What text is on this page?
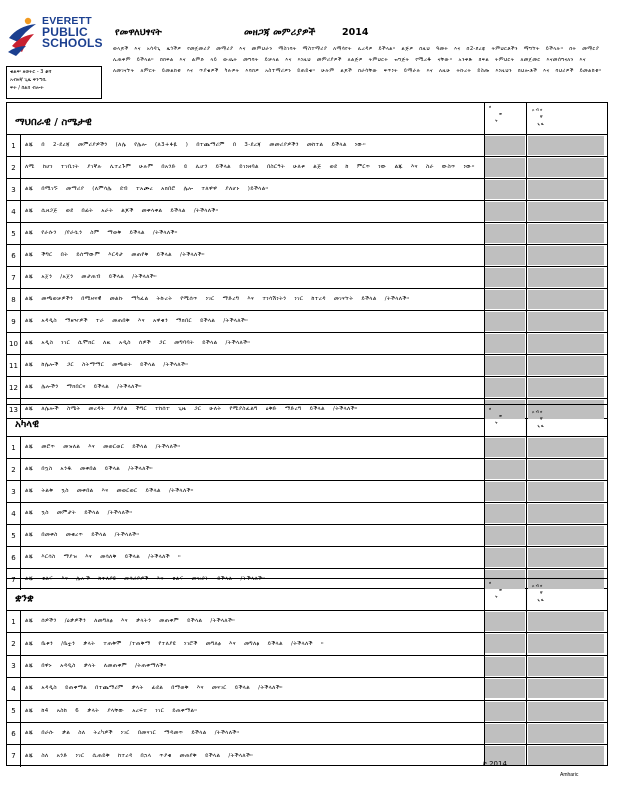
EVERETT
PUBLIC
SCHOOLS
የመዋለህፃናት	መዘጋጃ መምሪያዎች	2014
ወላጆች እና አሳዳጊ ዜጎችዎ የመጀመሪያ መማሪያ እና መምህራን ማስገባት ማስተማሪያ ለማሳየት ሊረዳዎ ይችላል። ልጅዎ በዚህ ዓመት እና በ2-ደረጃ ትምህርቶችን ማግኘት ይችላሉ። በት መማርያ ሊጠቅም ይችላል። በክፍል እና ልምድ ላይ ውጤት መግባት ይቻላል እና እነዚህ መምሪያዎች ለልጅዎ ትምህርት ዝግጅት የሚረዱ ናቸው። አንቀጽ ክፍል ትምህርት ለመጀመር እናመሰግናለን እና ለመገናኘት ለምርት ይመልከቱ እና ጥያቄዎች ካሉዎት እባክዎ አስተማሪዎን ይጠይቁ። ሁሉም ልጆች በራሳቸው ፍጥነት ይማራሉ እና ለዚሁ ትኩረት ይስጡ እነዚህን ክህሎቶች እና ባህሪዎች ይመልከቱ።
ቁልፍ፡ ዘወትር - 3 ቆሻ
አብዛኛ ጊዜ ቅንጣቢ
ፍት / ከልክ ብሎት
ማህበራዊ / ስሜታዊ
ዘ
ወ
ት
አ ብ ዛ
ኛ
ጊ ዜ
1	ልጁ በ 2-ደረጃ መምሪያዎችን (ለሌ የሌሎ (ለ3+ፋዪ ) በተጨማሪም በ 3-ደረጃ መመሪያዎችን መከተል ይችላል ነው።
2	ለሚ ከሆነ ተገቢነት ያገኛሉ ሊተረጉም ሁሉም በአንድ ይ ሊሆን ይችላል ይገነዘባል በስርዓት ሁለቱ ልጅ ወደ ከ ምርጥ ነው ልጁ እና ስራ ውስጥ ነው።
3	ልጁ በሚገኙ መማሪያ (ለምሳሌ ደብ ተአጮረ አክበሮ ሌሎ ተለዋዋ ያለሆኑ )ይችላል።
4	ልጁ ሲዘጋጅ ወደ በፊት አራት ልጆች መቀላቀል ይችላል /ትችላለች።
5	ልጁ የራሱን /የራሷን ስም ማወቅ ይችላል /ትችላለች።
6	ልጁ ችግር በት ይሰማውም እርዳታ መጠየቅ ይችላል /ትችላለች።
7	ልጁ አጀን /አጀን መታጠብ ይችላል /ትችላለች።
8	ልጁ መጫወቻዎችን በሚዛናዊ መልኩ ማካፈል ትኩረት የሚሰጥ ነገር ማድረግ እና ተነሳሽነትን ነገር ከተረዳ መገናኘት ይችላል /ትችላለች።
9	ልጁ አዳዲስ ማዘዣዎች ተራ መጠበቅ እና አዋቂን ማክበር ይችላል /ትችላለች።
10	ልጁ አዲስ ነገር ሲሞክር ለዚ አዲስ ሰዎች ጋር መግባባት ይችላል /ትችላለች።
11	ልጁ ከሌሎች ጋር ስትማማር መጫወት ይችላል /ትችላለች።
12	ልጁ ሌሎችን ማክበርና ይችላል /ትችላለች።
13	ልጁ ለሌሎች ስሜት መረዳት ያሳያል ችግር ተከሰተ ጊዜ ጋር ሁለት የሚያስፈልግ ዕቅድ ማድረግ ይችላል /ትችላለች።
አካላዊ
ዘ
ወ
ት
አ ብ ዛ
ኛ
ጊ ዜ
1	ልጁ መሮጥ መዝለል እና መወርወር ይችላል /ትችላለች።
2	ልጁ በኳስ አንዱ መቀበል ይችላል /ትችላለች።
3	ልጁ ትልቅ ኳስ መቀበል እና መወርወር ይችላል /ትችላለች።
4	ልጁ ኳስ መምታት ይችላል /ትችላለች።
5	ልጁ በመቀስ መቁረጥ ይችላል /ትችላለች።
6	ልጁ እርሳስ ማያዝ እና መሳለቅ ይችላል /ትችላለች ።
7	ልጁ ቁልፍ እና ሌሎች ከተለያዩ መሳሪያዎች እና ቁልፍ መዝጋት ይችላል /ትችላለች።
ቋንቋ
ዘ
ወ
ት
አ ብ ዛ
ኛ
ጊ ዜ
1	ልጁ ሰዎችን /ዕቃዎችን ለመግለፅ እና ቃላትን መጠቀም ይችላል /ትችላለች።
2	ልጁ ቤቱን /ቤቷን ቃላት ተጠቅሞ /ተጠቅማ የተለያዩ ነገሮች መግለፅ እና መግለፅ ይችላል /ትችላለች ።
3	ልጁ በዋኑ አዳዲስ ቃላት ለመጠቀም /ትጠቀማለች።
4	ልጁ አዳዲስ ይጠቀማል በተጨማሪም ቃላት ፊደል በማወቅ እና መናገር ይችላል /ትችላለች።
5	ልጁ ከ4 አስከ 6 ቃላት ያላቸው አረፍተ ነገር ይጠቀማል።
6	ልጁ በራሱ ቃል ስለ ትረካዎች ነገር በመናገር ማዳመጥ ይችላል /ትችላለች።
7	ልጁ ስለ አንድ ነገር ሲጠይቅ ከተረዳ በኋላ ጥያቄ መጠየቅ ይችላል /ትችላለች።
ኮ 2014
Amharic
